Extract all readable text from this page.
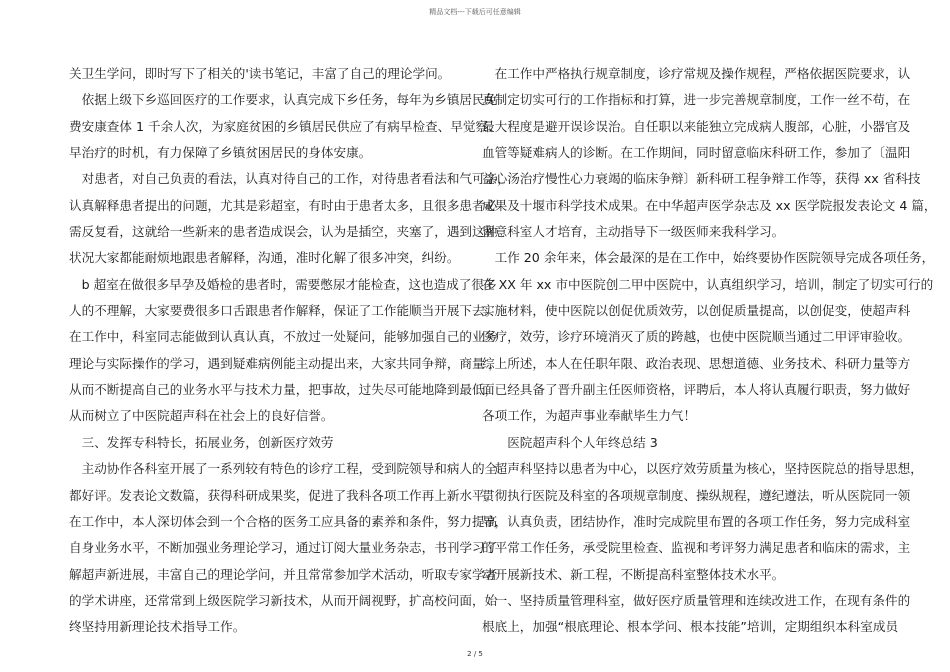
精品文档---下载后可任意编辑
关卫生学问，即时写下了相关的'读书笔记，丰富了自己的理论学问。
　依据上级下乡巡回医疗的工作要求，认真完成下乡任务，每年为乡镇居民免
费安康查体 1 千余人次，为家庭贫困的乡镇居民供应了有病早检查、早觉察、
早治疗的时机，有力保障了乡镇贫困居民的身体安康。
　对患者，对自己负责的看法，认真对待自己的工作，对待患者看法和气可亲，
认真解释患者提出的问题，尤其是彩超室，有时由于患者太多，且很多患者必
需反复看，这就给一些新来的患者造成误会，认为是插空，夹塞了，遇到这种
状况大家都能耐烦地跟患者解释，沟通，准时化解了很多冲突，纠纷。
　b 超室在做很多早孕及婚检的患者时，需要憋尿才能检查，这也造成了很多
人的不理解，大家要费很多口舌跟患者作解释，保证了工作能顺当开展下去。
在工作中，科室同志能做到认真认真，不放过一处疑问，能够加强自己的业务
理论与实际操作的学习，遇到疑难病例能主动提出来，大家共同争辩，商量 ，
从而不断提高自己的业务水平与技术力量，把事故，过失尽可能地降到最低，
从而树立了中医院超声科在社会上的良好信誉。
　三、发挥专科特长，拓展业务，创新医疗效劳
　主动协作各科室开展了一系列较有特色的诊疗工程，受到院领导和病人的全
都好评。发表论文数篇，获得科研成果奖，促进了我科各项工作再上新水平。
在工作中，本人深切体会到一个合格的医务工应具备的素养和条件，努力提高
自身业务水平，不断加强业务理论学习，通过订阅大量业务杂志，书刊学习了
解超声新进展，丰富自己的理论学问，并且常常参加学术活动，听取专家学者
的学术讲座，还常常到上级医院学习新技术，从而开阔视野，扩高校问面，始
终坚持用新理论技术指导工作。
　在工作中严格执行规章制度，诊疗常规及操作规程，严格依据医院要求，认
真制定切实可行的工作指标和打算，进一步完善规章制度，工作一丝不苟，在
最大程度是避开误诊误治。自任职以来能独立完成病人腹部，心脏，小器官及
血管等疑难病人的诊断。在工作期间，同时留意临床科研工作，参加了〔温阳
益心汤治疗慢性心力衰竭的临床争辩〕新科研工程争辩工作等，获得 xx 省科技
成果及十堰市科学技术成果。在中华超声医学杂志及 xx 医学院报发表论文 4 篇，
留意科室人才培育，主动指导下一级医师来我科学习。
　工作 20 余年来，体会最深的是在工作中，始终要协作医院领导完成各项任务，
在 XX 年 xx 市中医院创二甲中医院中，认真组织学习，培训，制定了切实可行的
实施材料，使中医院以创促优质效劳，以创促质量提高，以创促变，使超声科
医疗，效劳，诊疗环境消灭了质的跨越，也使中医院顺当通过二甲评审验收。
综上所述，本人在任职年限、政治表现、思想道德、业务技术、科研力量等方
面已经具备了晋升副主任医师资格，评聘后，本人将认真履行职责，努力做好
各项工作，为超声事业奉献毕生力气！
　　医院超声科个人年终总结 3
　超声科坚持以患者为中心，以医疗效劳质量为核心，坚持医院总的指导思想，
贯彻执行医院及科室的各项规章制度、操纵规程，遵纪遵法，听从医院同一领
导，认真负责，团结协作，准时完成院里布置的各项工作任务，努力完成科室
的平常工作任务，承受院里检查、监视和考评努力满足患者和临床的需求，主
动开展新技术、新工程，不断提高科室整体技术水平。
　一、坚持质量管理科室，做好医疗质量管理和连续改进工作，在现有条件的
根底上，加强“根底理论、根本学问、根本技能”培训，定期组织本科室成员
2 / 5
